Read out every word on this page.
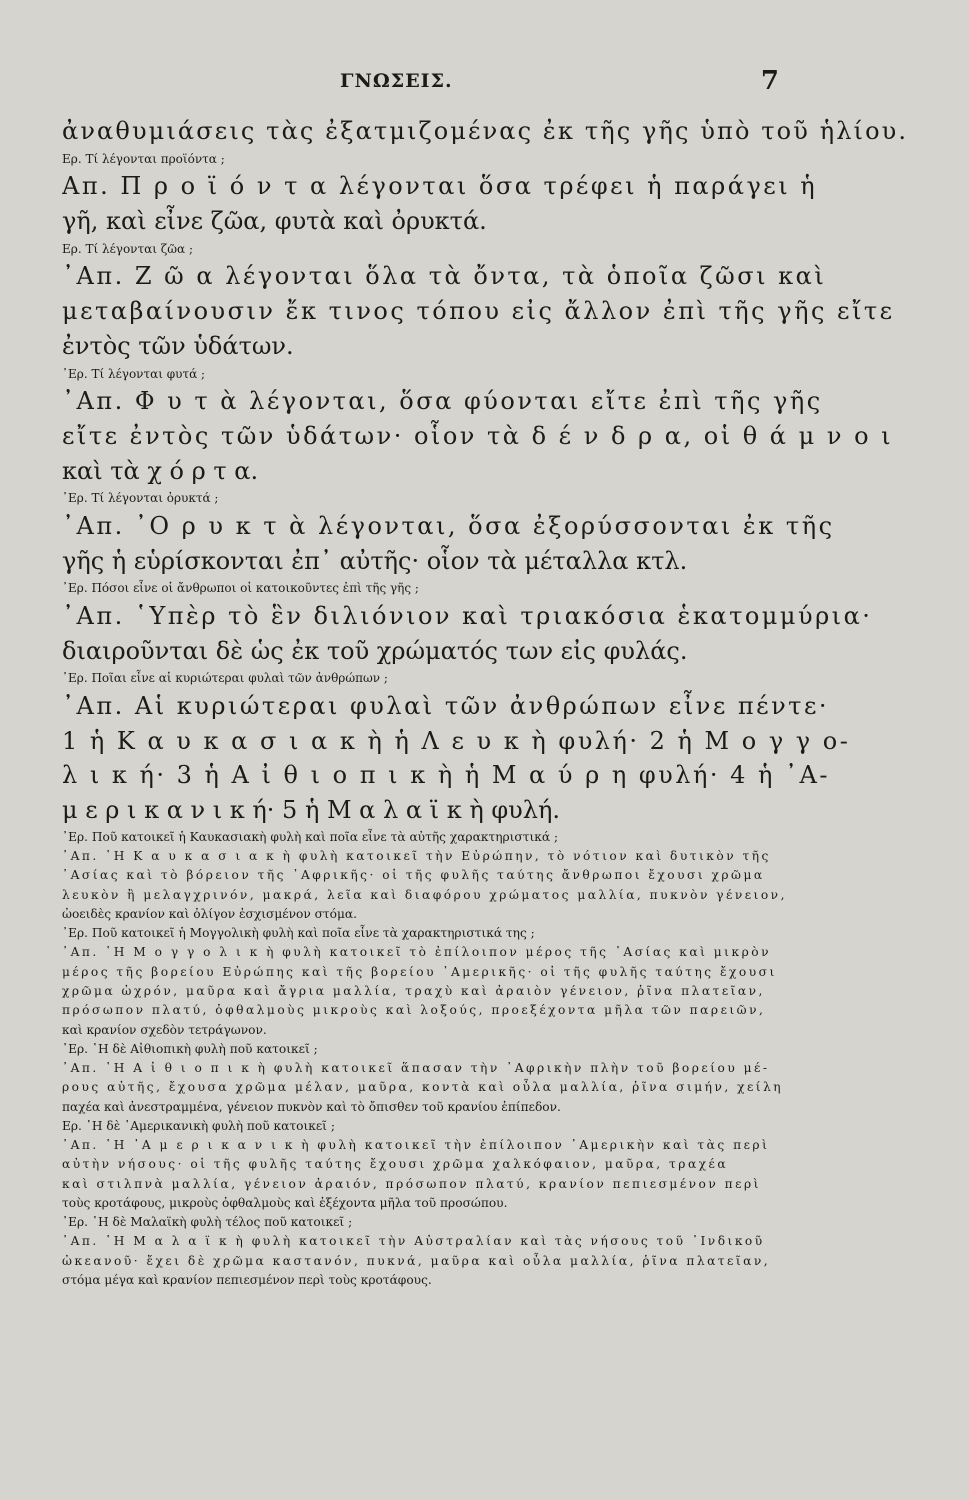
ΓΝΩΣΕΙΣ.	7
ἀναθυμιάσεις τὰς ἐξατμιζομένας ἐκ τῆς γῆς ὑπὸ τοῦ ἡλίου.
Ερ. Τί λέγονται προϊόντα ;
Απ. Π ρ ο ϊ ό ν τ α λέγονται ὅσα τρέφει ἡ παράγει ἡ
γῆ, καὶ εἶνε ζῶα, φυτὰ καὶ ὀρυκτά.
Ερ. Τί λέγονται ζῶα ;
᾿Απ. Ζ ῶ α λέγονται ὅλα τὰ ὄντα, τὰ ὁποῖα ζῶσι καὶ
μεταβαίνουσιν ἔκ τινος τόπου εἰς ἄλλον ἐπὶ τῆς γῆς εἴτε
ἐντὸς τῶν ὑδάτων.
᾿Ερ. Τί λέγονται φυτά ;
᾿Απ. Φ υ τ ὰ λέγονται, ὅσα φύονται εἴτε ἐπὶ τῆς γῆς
εἴτε ἐντὸς τῶν ὑδάτων· οἷον τὰ δ έ ν δ ρ α, οἱ θ ά μ ν ο ι
καὶ τὰ χ ό ρ τ α.
᾿Ερ. Τί λέγονται ὀρυκτά ;
᾿Απ. ᾿Ο ρ υ κ τ ὰ λέγονται, ὅσα ἐξορύσσονται ἐκ τῆς
γῆς ἡ εὑρίσκονται ἐπ᾿ αὐτῆς· οἷον τὰ μέταλλα κτλ.
᾿Ερ. Πόσοι εἶνε οἱ ἄνθρωποι οἱ κατοικοῦντες ἐπὶ τῆς γῆς ;
᾿Απ. ῾Υπὲρ τὸ ἓν διλιόνιον καὶ τριακόσια ἑκατομμύρια·
διαιροῦνται δὲ ὡς ἐκ τοῦ χρώματός των εἰς φυλάς.
᾿Ερ. Ποῖαι εἶνε αἱ κυριώτεραι φυλαὶ τῶν ἀνθρώπων ;
᾿Απ. Αἱ κυριώτεραι φυλαὶ τῶν ἀνθρώπων εἶνε πέντε·
1 ἡ Κ α υ κ α σ ι α κ ὴ ἡ Λ ε υ κ ὴ φυλή· 2 ἡ Μ ο γ γ ο-
λ ι κ ή· 3 ἡ Α ἰ θ ι ο π ι κ ὴ ἡ Μ α ύ ρ η φυλή· 4 ἡ ᾿Α-
μ ε ρ ι κ α ν ι κ ή· 5 ἡ Μ α λ α ϊ κ ὴ φυλή.
᾿Ερ. Ποῦ κατοικεῖ ἡ Καυκασιακὴ φυλὴ καὶ ποῖα εἶνε τὰ αὐτῆς χαρακτηριστικά ;
᾿Απ. ῾Η Κ α υ κ α σ ι α κ ὴ φυλὴ κατοικεῖ τὴν Εὐρώπην, τὸ νότιον καὶ δυτικὸν τῆς
᾿Ασίας καὶ τὸ βόρειον τῆς ᾿Αφρικῆς· οἱ τῆς φυλῆς ταύτης ἄνθρωποι ἔχουσι χρῶμα
λευκὸν ἢ μελαγχρινόν, μακρά, λεῖα καὶ διαφόρου χρώματος μαλλία, πυκνὸν γένειον,
ὠοειδὲς κρανίον καὶ ὀλίγον ἐσχισμένον στόμα.
᾿Ερ. Ποῦ κατοικεῖ ἡ Μογγολικὴ φυλὴ καὶ ποῖα εἶνε τὰ χαρακτηριστικά της ;
᾿Απ. ῾Η Μ ο γ γ ο λ ι κ ὴ φυλὴ κατοικεῖ τὸ ἐπίλοιπον μέρος τῆς ᾿Ασίας καὶ μικρὸν
μέρος τῆς βορείου Εὐρώπης καὶ τῆς βορείου ᾿Αμερικῆς· οἱ τῆς φυλῆς ταύτης ἔχουσι
χρῶμα ὠχρόν, μαῦρα καὶ ἄγρια μαλλία, τραχὺ καὶ ἀραιὸν γένειον, ῥῖνα πλατεῖαν,
πρόσωπον πλατύ, ὀφθαλμοὺς μικροὺς καὶ λοξούς, προεξέχοντα μῆλα τῶν παρειῶν,
καὶ κρανίον σχεδὸν τετράγωνον.
᾿Ερ. ῾Η δὲ Αἰθιοπικὴ φυλὴ ποῦ κατοικεῖ ;
᾿Απ. ῾Η Α ἰ θ ι ο π ι κ ὴ φυλὴ κατοικεῖ ἅπασαν τὴν ᾿Αφρικὴν πλὴν τοῦ βορείου μέ-
ρους αὐτῆς, ἔχουσα χρῶμα μέλαν, μαῦρα, κοντὰ καὶ οὖλα μαλλία, ῥῖνα σιμήν, χείλη
παχέα καὶ ἀνεστραμμένα, γένειον πυκνὸν καὶ τὸ ὄπισθεν τοῦ κρανίου ἐπίπεδον.
Ερ. ῾Η δὲ ᾿Αμερικανικὴ φυλὴ ποῦ κατοικεῖ ;
᾿Απ. ῾Η ᾿Α μ ε ρ ι κ α ν ι κ ὴ φυλὴ κατοικεῖ τὴν ἐπίλοιπον ᾿Αμερικὴν καὶ τὰς περὶ
αὐτὴν νήσους· οἱ τῆς φυλῆς ταύτης ἔχουσι χρῶμα χαλκόφαιον, μαῦρα, τραχέα
καὶ στιλπνὰ μαλλία, γένειον ἀραιόν, πρόσωπον πλατύ, κρανίον πεπιεσμένον περὶ
τοὺς κροτάφους, μικροὺς ὀφθαλμοὺς καὶ ἐξέχοντα μῆλα τοῦ προσώπου.
᾿Ερ. ῾Η δὲ Μαλαϊκὴ φυλὴ τέλος ποῦ κατοικεῖ ;
᾿Απ. ῾Η Μ α λ α ϊ κ ὴ φυλὴ κατοικεῖ τὴν Αὐστραλίαν καὶ τὰς νήσους τοῦ ᾿Ινδικοῦ
ὠκεανοῦ· ἔχει δὲ χρῶμα καστανόν, πυκνά, μαῦρα καὶ οὖλα μαλλία, ῥῖνα πλατεῖαν,
στόμα μέγα καὶ κρανίον πεπιεσμένον περὶ τοὺς κροτάφους.
